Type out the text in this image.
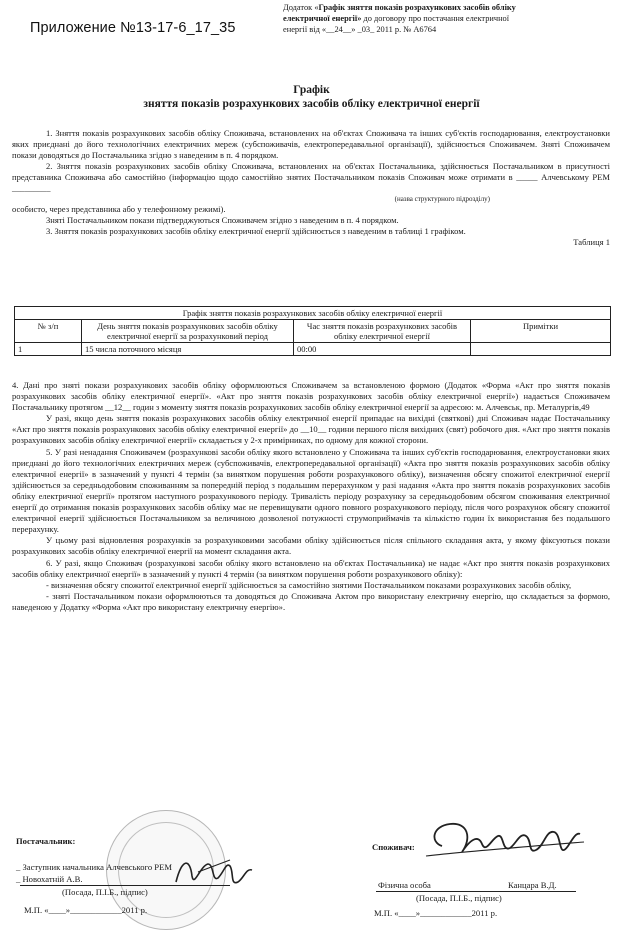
Приложение №13-17-6_17_35
Додаток «Графік зняття показів розрахункових засобів обліку
електричної енергії» до договору про постачання електричної
енергії від «__24__» _03_ 2011 р. № А6764
Графік
зняття показів розрахункових засобів обліку електричної енергії

1. Зняття показів розрахункових засобів обліку Споживача, встановлених на об'єктах Споживача та інших суб'єктів господарювання, електроустановки яких приєднані до його технологічних електричних мереж (субспоживачів, електропередавальної організації), здійснюється Споживачем. Зняті Споживачем покази доводяться до Постачальника згідно з наведеним в п. 4 порядком.

2. Зняття показів розрахункових засобів обліку Споживача, встановлених на об'єктах Постачальника, здійснюється Постачальником в присутності представника Споживача або самостійно (інформацію щодо самостійно знятих Постачальником показів Споживач може отримати в _____ Алчевському РЕМ _________

(назва структурного підрозділу)

особисто, через представника або у телефонному режимі).

Зняті Постачальником покази підтверджуються Споживачем згідно з наведеним в п. 4 порядком.

3. Зняття показів розрахункових засобів обліку електричної енергії здійснюється з наведеним в таблиці 1 графіком.

Таблиця 1

Графік зняття показів розрахункових засобів обліку електричної енергії			
№ з/п	День зняття показів розрахункових засобів обліку електричної енергії за розрахунковий період	Час зняття показів розрахункових засобів обліку електричної енергії	Примітки
1	15 числа поточного місяця	00:00	

4. Дані про зняті покази розрахункових засобів обліку оформлюються Споживачем за встановленою формою (Додаток «Форма «Акт про зняття показів розрахункових засобів обліку електричної енергії». «Акт про зняття показів розрахункових засобів обліку електричної енергії») надається Споживачем Постачальнику протягом __12__ годин з моменту зняття показів розрахункових засобів обліку електричної енергії за адресою: м. Алчевськ, пр. Металургів,49

У разі, якщо день зняття показів розрахункових засобів обліку електричної енергії припадає на вихідні (святкові) дні Споживач надає Постачальнику «Акт про зняття показів розрахункових засобів обліку електричної енергії» до __10__ години першого після вихідних (свят) робочого дня. «Акт про зняття показів розрахункових засобів обліку електричної енергії» складається у 2-х примірниках, по одному для кожної сторони.

5. У разі ненадання Споживачем (розрахункові засоби обліку якого встановлено у Споживача та інших суб'єктів господарювання, електроустановки яких приєднані до його технологічних електричних мереж (субспоживачів, електропередавальної організації) «Акта про зняття показів розрахункових засобів обліку електричної енергії» в зазначений у пункті 4 термін (за винятком порушення роботи розрахункового обліку), визначення обсягу спожитої електричної енергії здійснюється за середньодобовим споживанням за попередній період з подальшим перерахунком у разі надання «Акта про зняття показів розрахункових засобів обліку електричної енергії» протягом наступного розрахункового періоду. Тривалість періоду розрахунку за середньодобовим обсягом споживання електричної енергії до отримання показів розрахункових засобів обліку має не перевищувати одного повного розрахункового періоду, після чого розрахунок обсягу спожитої електричної енергії здійснюється Постачальником за величиною дозволеної потужності струмоприймачів та кількістю годин їх використання без подальшого перерахунку.

У цьому разі відновлення розрахунків за розрахунковими засобами обліку здійснюється після спільного складання акта, у якому фіксуються покази розрахункових засобів обліку електричної енергії на момент складання акта.

6. У разі, якщо Споживач (розрахункові засоби обліку якого встановлено на об'єктах Постачальника) не надає «Акт про зняття показів розрахункових засобів обліку електричної енергії» в зазначений у пункті 4 термін (за винятком порушення роботи розрахункового обліку):

- визначення обсягу спожитої електричної енергії здійснюється за самостійно знятими Постачальником показами розрахункових засобів обліку,

- зняті Постачальником покази оформлюються та доводяться до Споживача Актом про використану електричну енергію, що складається за формою, наведеною у Додатку «Форма «Акт про використану електричну енергію».

Постачальник:
_ Заступник начальника Алчевського РЕМ
_ Новохатній А.В.
(Посада, П.І.Б., підпис)
М.П. «____»____________2011 р.
Споживач:
Фізична особа	Канцара В.Д.
(Посада, П.І.Б., підпис)
М.П. «____»____________2011 р.
